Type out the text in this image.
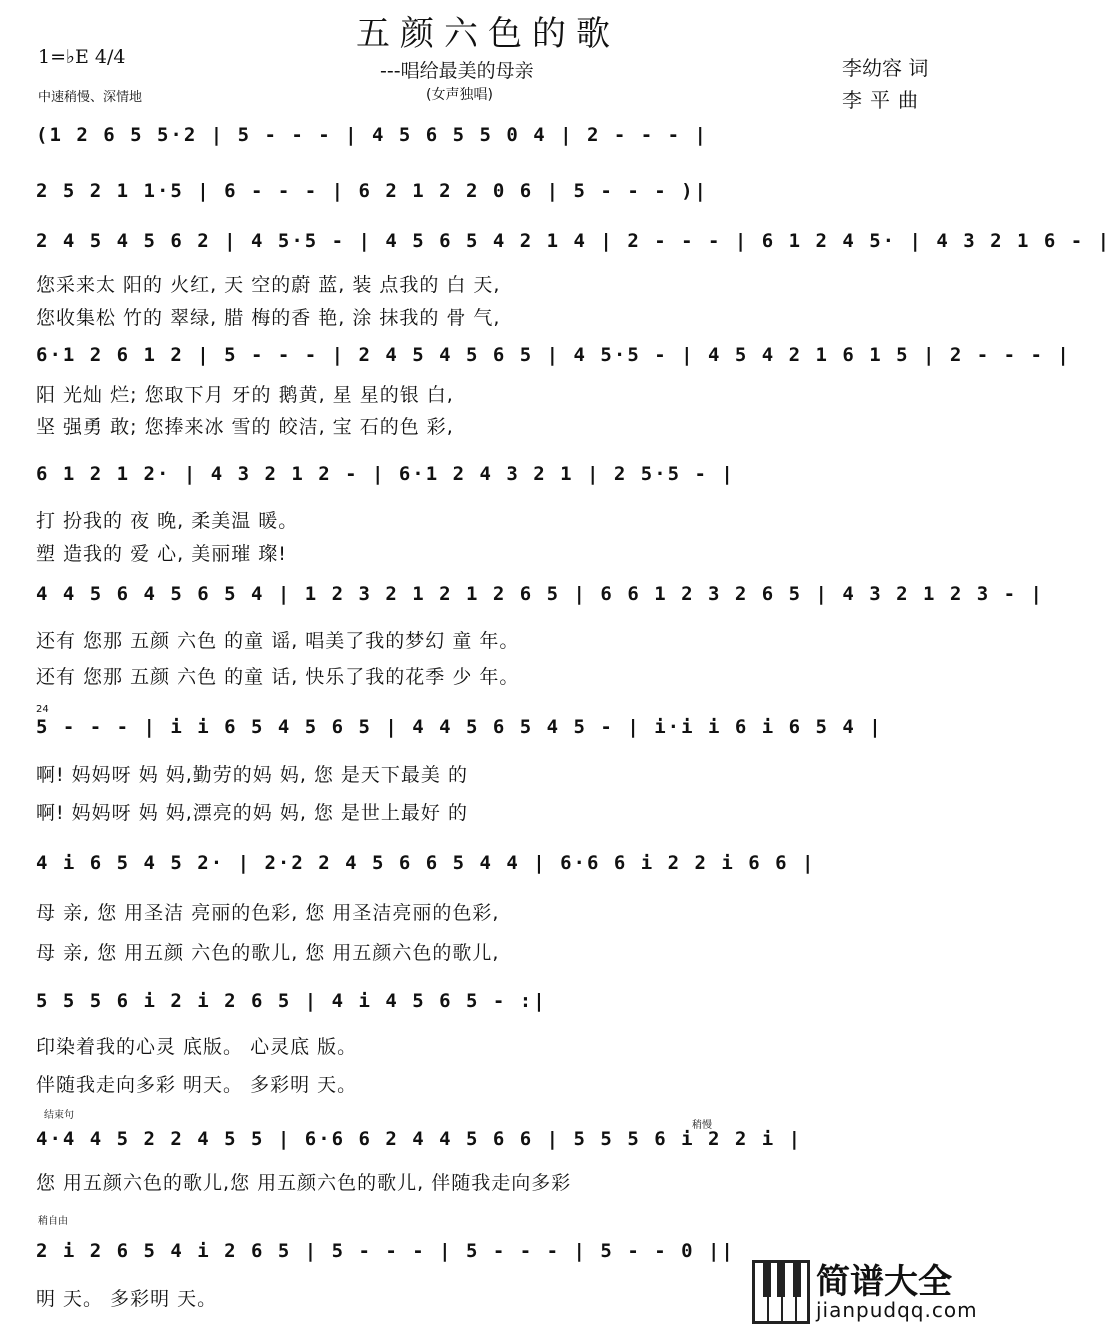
五颜六色的歌
---唱给最美的母亲
(女声独唱)
1=♭E 4/4
中速稍慢、深情地
李幼容 词
李平曲
(1 2 6 5 5·2 | 5 - - - | 4 5 6 5 5 0 4 | 2 - - - |
2 5 2 1 1·5 | 6 - - - | 6 2 1 2 2 0 6 | 5 - - - )|
2 4 5 4 5 6 2 | 4 5·5 - | 4 5 6 5 4 2 1 4 | 2 - - - | 6 1 2 4 5· | 4 3 2 1 6 - |
您采来太 阳的 火红, 天 空的蔚 蓝, 装 点我的 白 天,
您收集松 竹的 翠绿, 腊 梅的香 艳, 涂 抹我的 骨 气,
6·1 2 6 1 2 | 5 - - - | 2 4 5 4 5 6 5 | 4 5·5 - | 4 5 4 2 1 6 1 5 | 2 - - - |
阳 光灿 烂; 您取下月 牙的 鹅黄, 星 星的银 白,
坚 强勇 敢; 您捧来冰 雪的 皎洁, 宝 石的色 彩,
6 1 2 1 2· | 4 3 2 1 2 - | 6·1 2 4 3 2 1 | 2 5·5 - |
打 扮我的 夜 晚, 柔美温 暖。
塑 造我的 爱 心, 美丽璀 璨!
4 4 5 6 4 5 6 5 4 | 1 2 3 2 1 2 1 2 6 5 | 6 6 1 2 3 2 6 5 | 4 3 2 1 2 3 - |
还有 您那 五颜 六色 的童 谣, 唱美了我的梦幻 童 年。
还有 您那 五颜 六色 的童 话, 快乐了我的花季 少 年。
24
5 - - - | i i 6 5 4 5 6 5 | 4 4 5 6 5 4 5 - | i·i i 6 i 6 5 4 |
啊! 妈妈呀 妈 妈,勤劳的妈 妈, 您 是天下最美 的
啊! 妈妈呀 妈 妈,漂亮的妈 妈, 您 是世上最好 的
4 i 6 5 4 5 2· | 2·2 2 4 5 6 6 5 4 4 | 6·6 6 i 2 2 i 6 6 |
母 亲, 您 用圣洁 亮丽的色彩, 您 用圣洁亮丽的色彩,
母 亲, 您 用五颜 六色的歌儿, 您 用五颜六色的歌儿,
5 5 5 6 i 2 i 2 6 5 | 4 i 4 5 6 5 - :|
印染着我的心灵 底版。 心灵底 版。
伴随我走向多彩 明天。 多彩明 天。
结束句
稍慢
4·4 4 5 2 2 4 5 5 | 6·6 6 2 4 4 5 6 6 | 5 5 5 6 i 2 2 i |
您 用五颜六色的歌儿,您 用五颜六色的歌儿, 伴随我走向多彩
稍自由
2 i 2 6 5 4 i 2 6 5 | 5 - - - | 5 - - - | 5 - - 0 ||
明 天。 多彩明 天。	简谱大全
jianpudqq.com
